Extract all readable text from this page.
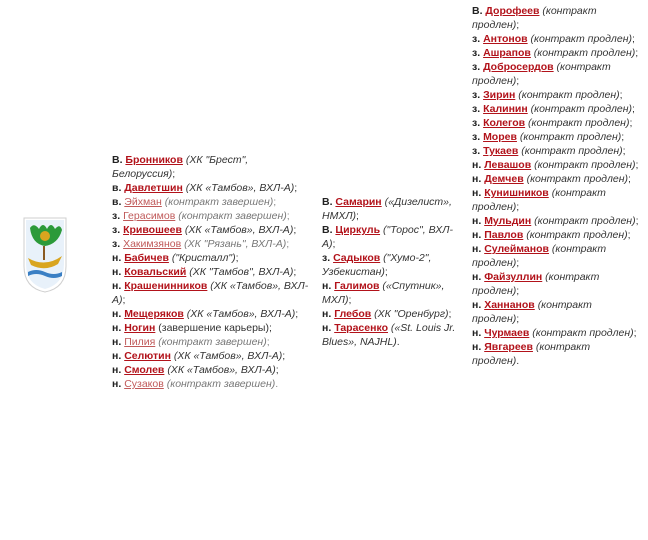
В. Бронников (ХК "Брест", Белоруссия);
в. Давлетшин (ХК «Тамбов», ВХЛ-А);
в. Эйхман (контракт завершен);
з. Герасимов (контракт завершен);
з. Кривошеев (ХК «Тамбов», ВХЛ-А);
з. Хакимзянов (ХК "Рязань", ВХЛ-А);
н. Бабичев ("Кристалл");
н. Ковальский (ХК "Тамбов", ВХЛ-А);
н. Крашенинников (ХК «Тамбов», ВХЛ-А);
н. Мещеряков (ХК «Тамбов», ВХЛ-А);
н. Ногин (завершение карьеры);
н. Пилия (контракт завершен);
н. Селютин (ХК «Тамбов», ВХЛ-А);
н. Смолев (ХК «Тамбов», ВХЛ-А);
н. Сузаков (контракт завершен).
В. Самарин («Дизелист», НМХЛ);
В. Циркуль ("Торос", ВХЛ-А);
з. Садыков ("Хумо-2", Узбекистан);
н. Галимов («Спутник», МХЛ);
н. Глебов (ХК "Оренбург);
н. Тарасенко («St. Louis Jr. Blues», NAJHL).
В. Дорофеев (контракт продлен);
з. Антонов (контракт продлен);
з. Ашрапов (контракт продлен);
з. Добросердов (контракт продлен);
з. Зирин (контракт продлен);
з. Калинин (контракт продлен);
з. Колегов (контракт продлен);
з. Морев (контракт продлен);
з. Тукаев (контракт продлен);
н. Левашов (контракт продлен);
н. Демчев (контракт продлен);
н. Кунишников (контракт продлен);
н. Мульдин (контракт продлен);
н. Павлов (контракт продлен);
н. Сулейманов (контракт продлен);
н. Файзуллин (контракт продлен);
н. Ханнанов (контракт продлен);
н. Чурмаев (контракт продлен);
н. Явгареев (контракт продлен).
